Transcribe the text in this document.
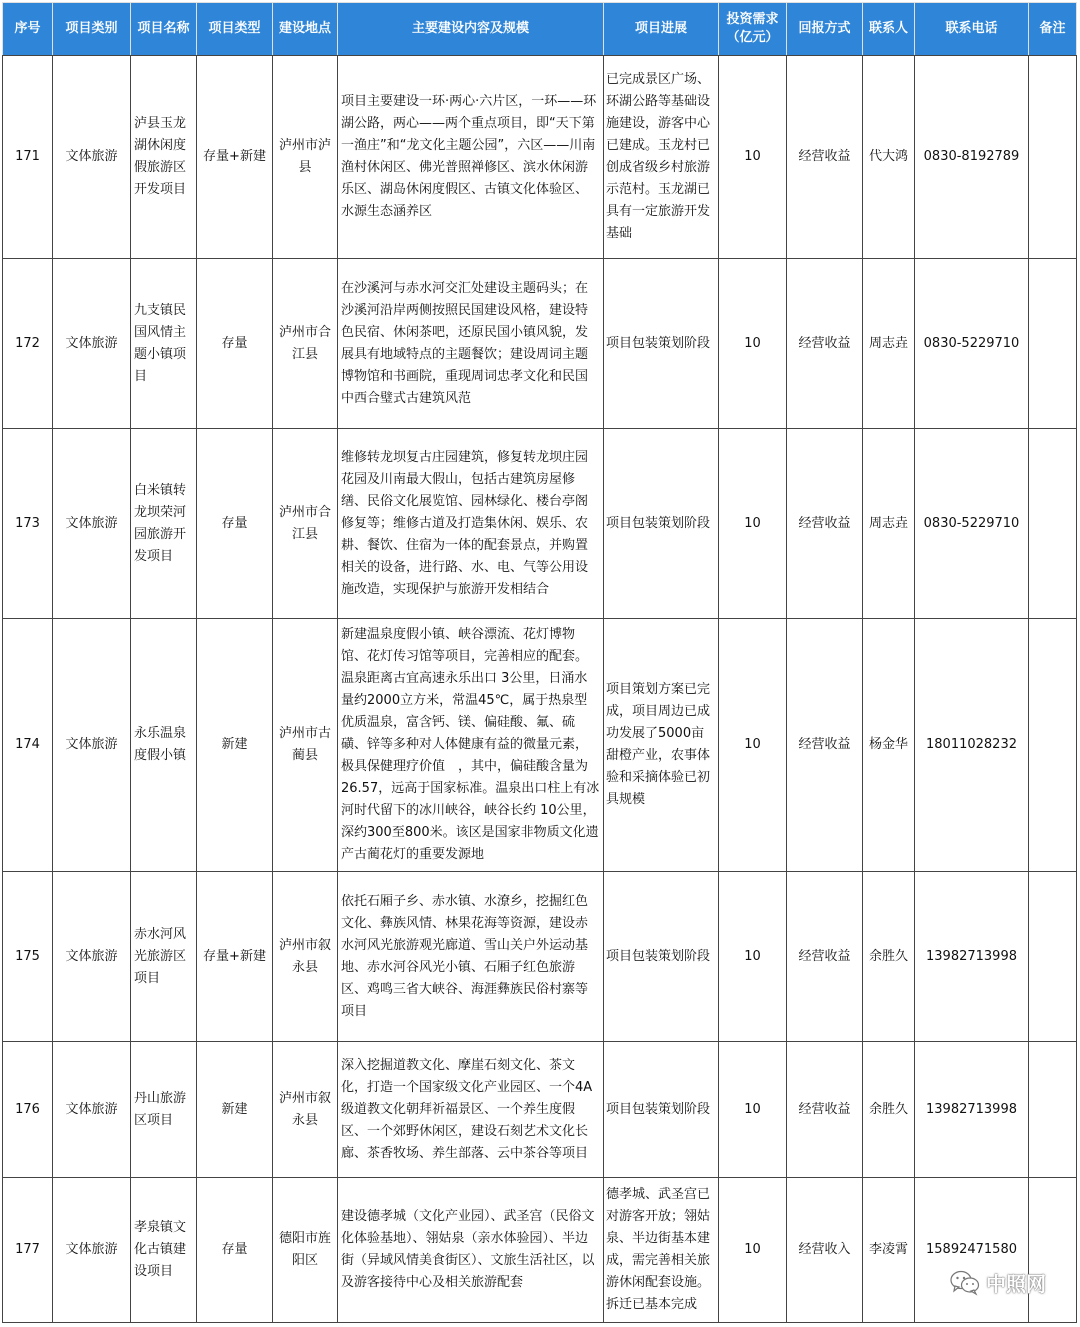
序号	项目类别	项目名称	项目类型	建设地点	主要建设内容及规模	项目进展	投资需求（亿元）	回报方式	联系人	联系电话	备注
171	文体旅游	泸县玉龙湖休闲度假旅游区开发项目	存量+新建	泸州市泸县	项目主要建设一环·两心·六片区，一环——环湖公路，两心——两个重点项目，即“天下第一渔庄”和“龙文化主题公园”，六区——川南渔村休闲区、佛光普照禅修区、滨水休闲游乐区、湖岛休闲度假区、古镇文化体验区、水源生态涵养区	已完成景区广场、环湖公路等基础设施建设，游客中心已建成。玉龙村已创成省级乡村旅游示范村。玉龙湖已具有一定旅游开发基础	10	经营收益	代大鸿	0830-8192789	
172	文体旅游	九支镇民国风情主题小镇项目	存量	泸州市合江县	在沙溪河与赤水河交汇处建设主题码头；在沙溪河沿岸两侧按照民国建设风格，建设特色民宿、休闲茶吧，还原民国小镇风貌，发展具有地域特点的主题餐饮；建设周词主题博物馆和书画院，重现周词忠孝文化和民国中西合璧式古建筑风范	项目包装策划阶段	10	经营收益	周志垚	0830-5229710	
173	文体旅游	白米镇转龙坝荣河园旅游开发项目	存量	泸州市合江县	维修转龙坝复古庄园建筑，修复转龙坝庄园花园及川南最大假山，包括古建筑房屋修缮、民俗文化展览馆、园林绿化、楼台亭阁修复等；维修古道及打造集休闲、娱乐、农耕、餐饮、住宿为一体的配套景点，并购置相关的设备，进行路、水、电、气等公用设施改造，实现保护与旅游开发相结合	项目包装策划阶段	10	经营收益	周志垚	0830-5229710	
174	文体旅游	永乐温泉度假小镇	新建	泸州市古蔺县	新建温泉度假小镇、峡谷漂流、花灯博物馆、花灯传习馆等项目，完善相应的配套。温泉距离古宜高速永乐出口 3公里，日涌水量约2000立方米，常温45℃，属于热泉型优质温泉，富含钙、镁、偏硅酸、氟、硫磺、锌等多种对人体健康有益的微量元素，极具保健理疗价值　，其中，偏硅酸含量为26.57，远高于国家标准。温泉出口柱上有冰河时代留下的冰川峡谷，峡谷长约 10公里，深约300至800米。该区是国家非物质文化遗产古蔺花灯的重要发源地	项目策划方案已完成，项目周边已成功发展了5000亩甜橙产业，农事体验和采摘体验已初具规模	10	经营收益	杨金华	18011028232	
175	文体旅游	赤水河风光旅游区项目	存量+新建	泸州市叙永县	依托石厢子乡、赤水镇、水潦乡，挖掘红色文化、彝族风情、林果花海等资源，建设赤水河风光旅游观光廊道、雪山关户外运动基地、赤水河谷风光小镇、石厢子红色旅游区、鸡鸣三省大峡谷、海涯彝族民俗村寨等项目	项目包装策划阶段	10	经营收益	余胜久	13982713998	
176	文体旅游	丹山旅游区项目	新建	泸州市叙永县	深入挖掘道教文化、摩崖石刻文化、茶文化，打造一个国家级文化产业园区、一个4A级道教文化朝拜祈福景区、一个养生度假区、一个郊野休闲区，建设石刻艺术文化长廊、茶香牧场、养生部落、云中茶谷等项目	项目包装策划阶段	10	经营收益	余胜久	13982713998	
177	文体旅游	孝泉镇文化古镇建设项目	存量	德阳市旌阳区	建设德孝城（文化产业园）、武圣宫（民俗文化体验基地）、翎姑泉（亲水体验园）、半边街（异域风情美食街区）、文旅生活社区，以及游客接待中心及相关旅游配套	德孝城、武圣宫已对游客开放；翎姑泉、半边街基本建成，需完善相关旅游休闲配套设施。拆迁已基本完成	10	经营收入	李凌霄	15892471580	
中照网
